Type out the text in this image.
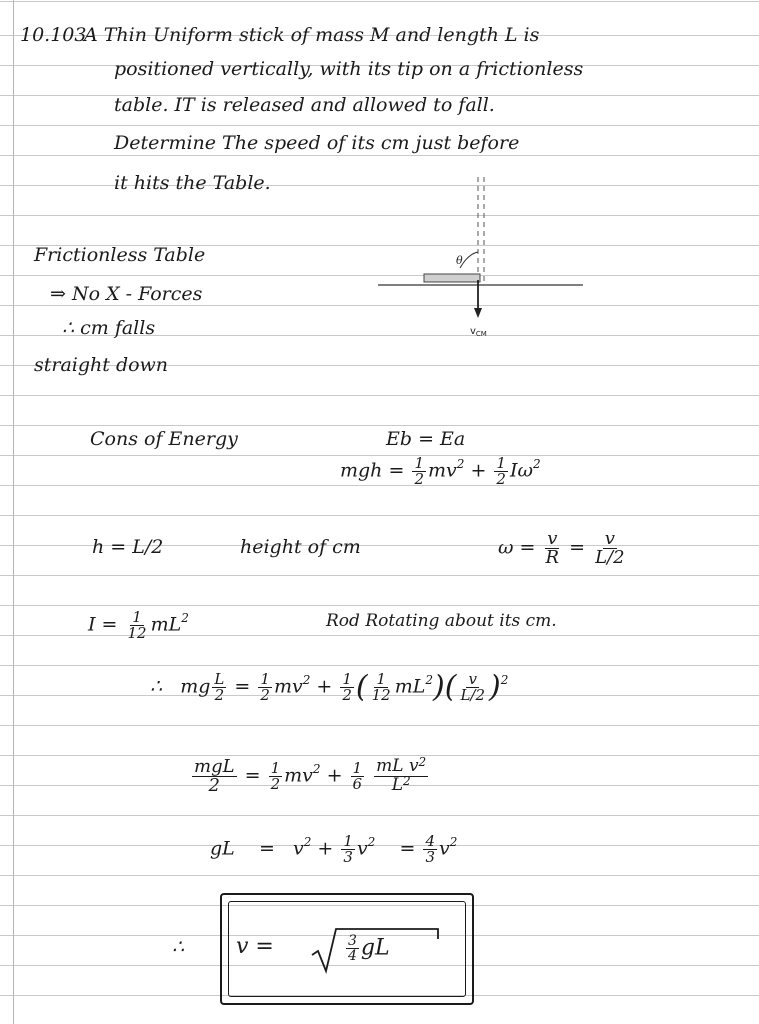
10.103
A Thin Uniform stick of mass M and length L is
positioned vertically, with its tip on a frictionless
table. IT is released and allowed to fall.
Determine The speed of its cm just before
it hits the Table.
Frictionless Table
⇒ No X - Forces
∴ cm falls
straight down
θ
$v_{CM}$
Cons of Energy	Eb = Ea
mgh = $\frac{1}{2} mv^2 + \frac{1}{2} I\omega^2$
h = L/2	height of cm	$\omega = \frac{v}{R} = \frac{v}{L/2}$
$I = \frac{1}{12} mL^2$	Rod Rotating about its cm.
∴ mg $\frac{L}{2} = \frac{1}{2} mv^2 + \frac{1}{2}$ ( $\frac{1}{12} mL^2)( \frac{v}{L/2} )^2$
$\frac{\text{mgL}}{2} = \frac{1}{2} mv^2 + \frac{1}{6}$
$\frac{mL v^2}{L^2}$
gL = $v^2 + \frac{1}{3} v^2 = \frac{4}{3} v^2$
∴ v =	$\frac{3}{4}$ gL
